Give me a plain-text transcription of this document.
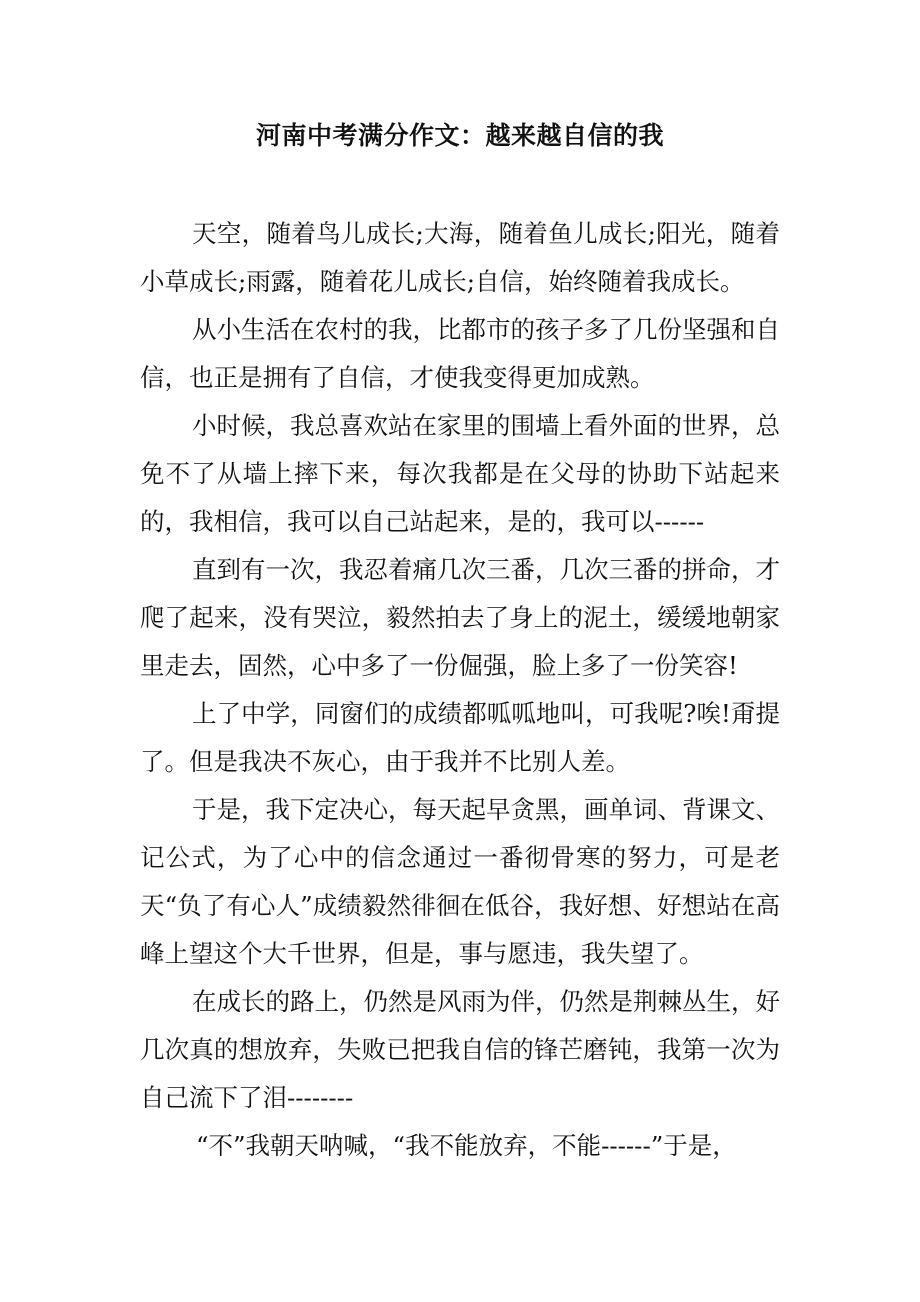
河南中考满分作文：越来越自信的我

天空，随着鸟儿成长;大海，随着鱼儿成长;阳光，随着小草成长;雨露，随着花儿成长;自信，始终随着我成长。

从小生活在农村的我，比都市的孩子多了几份坚强和自信，也正是拥有了自信，才使我变得更加成熟。

小时候，我总喜欢站在家里的围墙上看外面的世界，总免不了从墙上摔下来，每次我都是在父母的协助下站起来的，我相信，我可以自己站起来，是的，我可以------

直到有一次，我忍着痛几次三番，几次三番的拼命，才爬了起来，没有哭泣，毅然拍去了身上的泥土，缓缓地朝家里走去，固然，心中多了一份倔强，脸上多了一份笑容!

上了中学，同窗们的成绩都呱呱地叫，可我呢?唉!甭提了。但是我决不灰心，由于我并不比别人差。

于是，我下定决心，每天起早贪黑，画单词、背课文、记公式，为了心中的信念通过一番彻骨寒的努力，可是老天“负了有心人”成绩毅然徘徊在低谷，我好想、好想站在高峰上望这个大千世界，但是，事与愿违，我失望了。

在成长的路上，仍然是风雨为伴，仍然是荆棘丛生，好几次真的想放弃，失败已把我自信的锋芒磨钝，我第一次为自己流下了泪--------

“不”我朝天呐喊，“我不能放弃，不能------”于是，
